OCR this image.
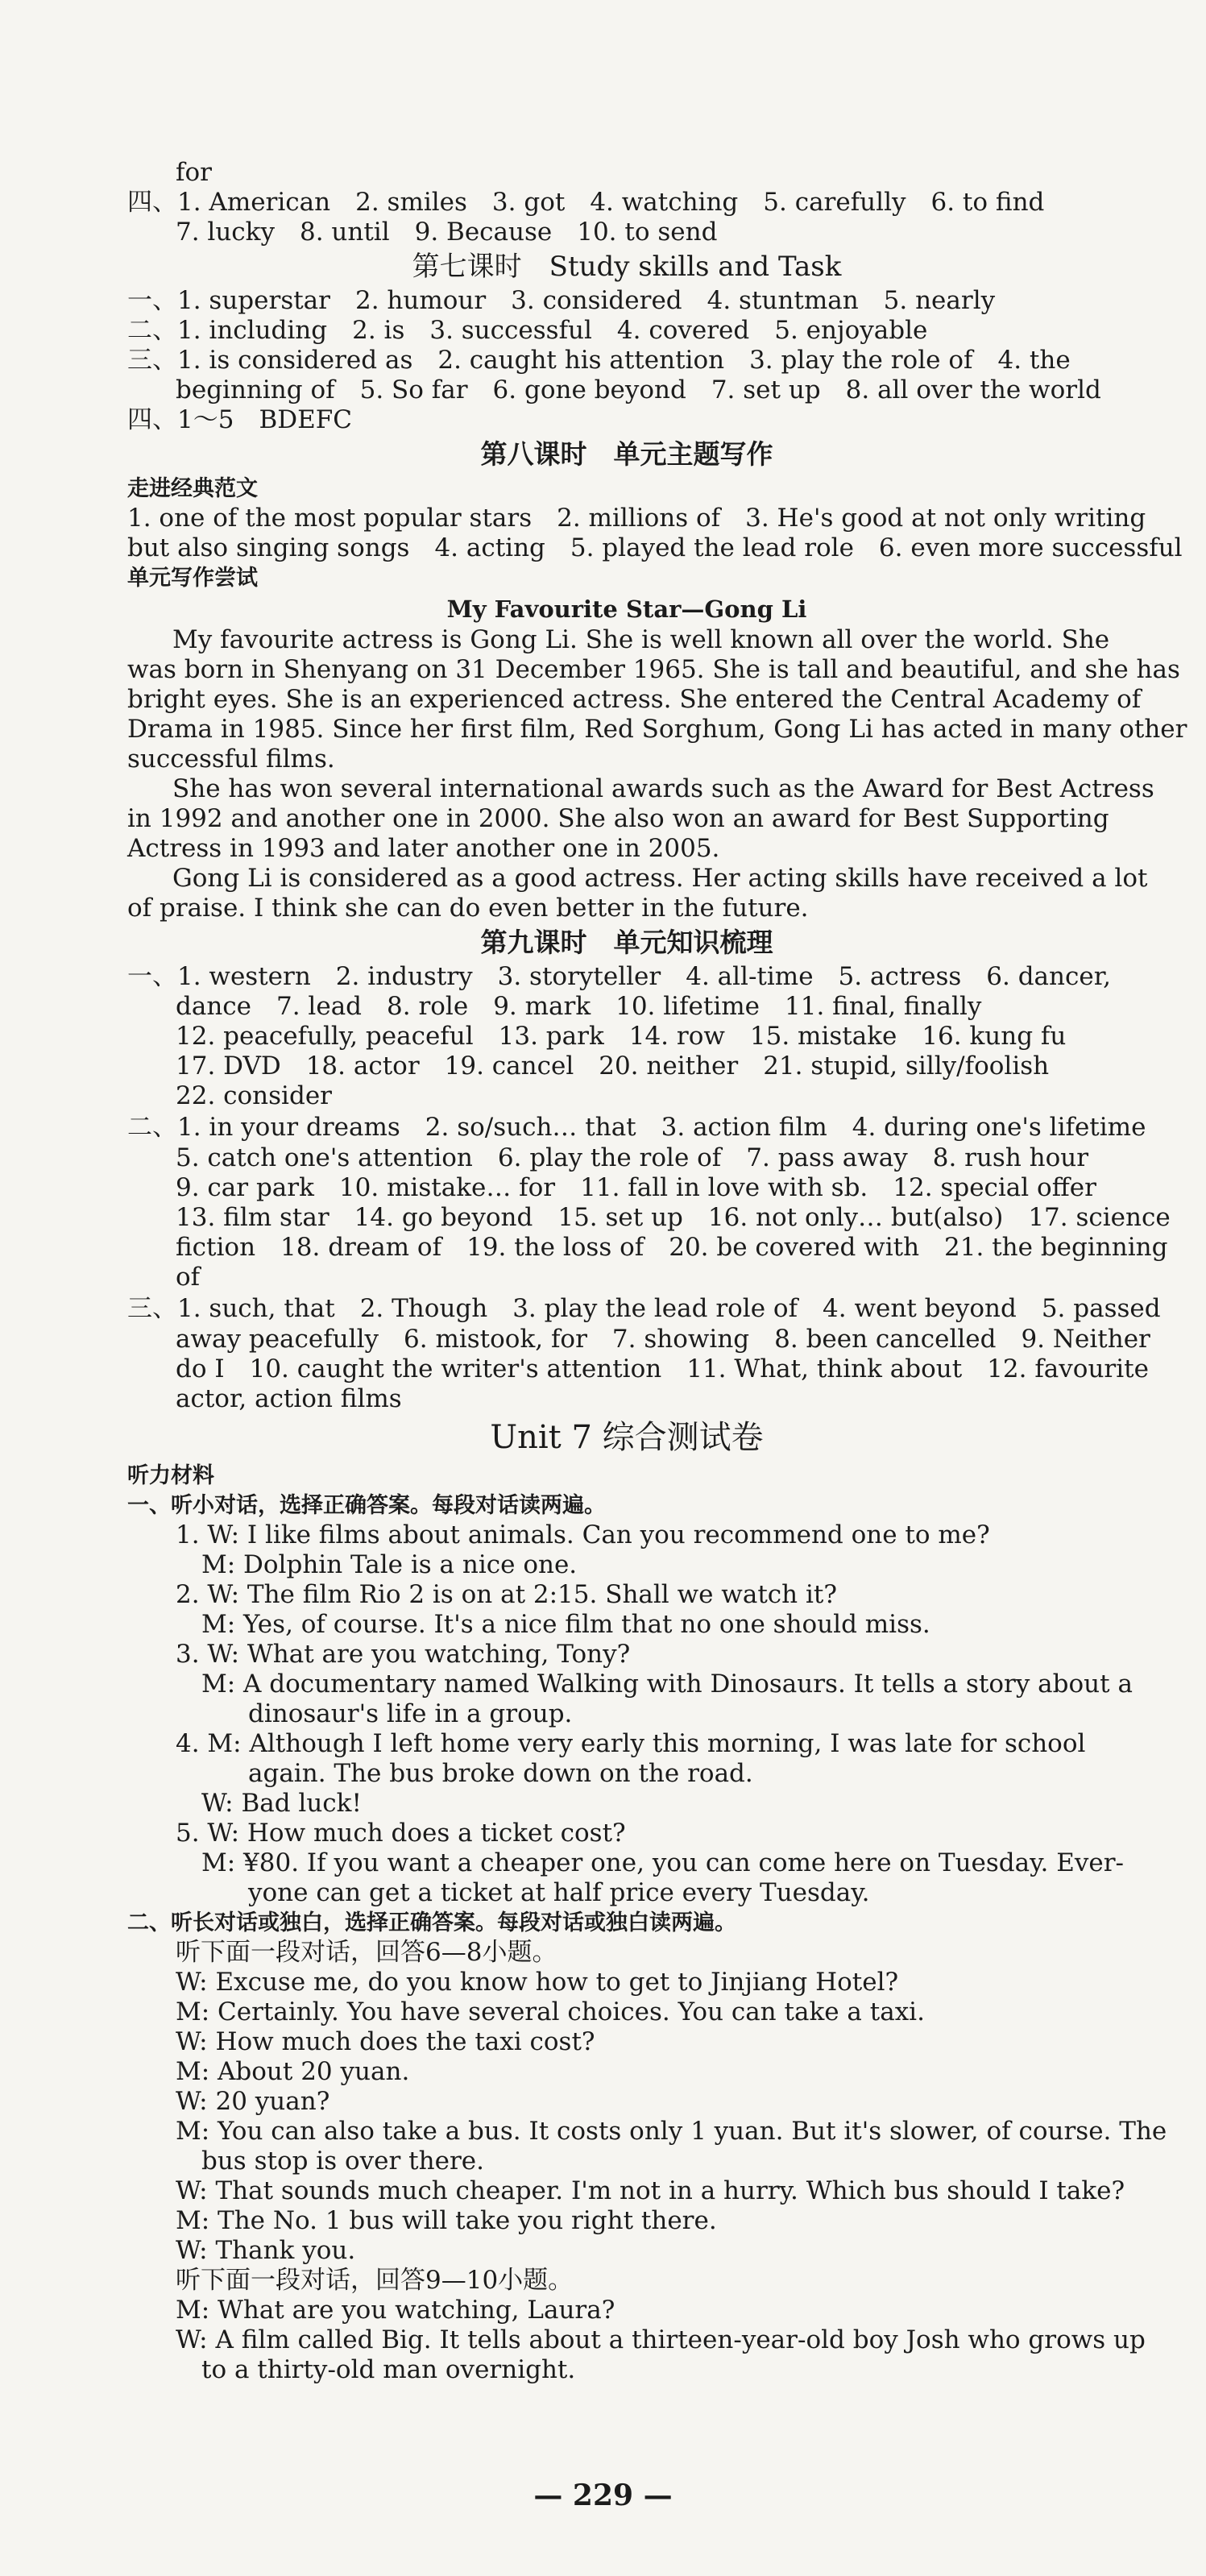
for
四、1. American　2. smiles　3. got　4. watching　5. carefully　6. to find
7. lucky　8. until　9. Because　10. to send
第七课时　Study skills and Task
一、1. superstar　2. humour　3. considered　4. stuntman　5. nearly
二、1. including　2. is　3. successful　4. covered　5. enjoyable
三、1. is considered as　2. caught his attention　3. play the role of　4. the
beginning of　5. So far　6. gone beyond　7. set up　8. all over the world
四、1～5　BDEFC
第八课时　单元主题写作
走进经典范文
1. one of the most popular stars　2. millions of　3. He's good at not only writing
but also singing songs　4. acting　5. played the lead role　6. even more successful
单元写作尝试
My Favourite Star—Gong Li
My favourite actress is Gong Li. She is well known all over the world. She
was born in Shenyang on 31 December 1965. She is tall and beautiful, and she has
bright eyes. She is an experienced actress. She entered the Central Academy of
Drama in 1985. Since her first film, Red Sorghum, Gong Li has acted in many other
successful films.
She has won several international awards such as the Award for Best Actress
in 1992 and another one in 2000. She also won an award for Best Supporting
Actress in 1993 and later another one in 2005.
Gong Li is considered as a good actress. Her acting skills have received a lot
of praise. I think she can do even better in the future.
第九课时　单元知识梳理
一、1. western　2. industry　3. storyteller　4. all-time　5. actress　6. dancer,
dance　7. lead　8. role　9. mark　10. lifetime　11. final, finally
12. peacefully, peaceful　13. park　14. row　15. mistake　16. kung fu
17. DVD　18. actor　19. cancel　20. neither　21. stupid, silly/foolish
22. consider
二、1. in your dreams　2. so/such… that　3. action film　4. during one's lifetime
5. catch one's attention　6. play the role of　7. pass away　8. rush hour
9. car park　10. mistake… for　11. fall in love with sb.　12. special offer
13. film star　14. go beyond　15. set up　16. not only… but(also)　17. science
fiction　18. dream of　19. the loss of　20. be covered with　21. the beginning
of
三、1. such, that　2. Though　3. play the lead role of　4. went beyond　5. passed
away peacefully　6. mistook, for　7. showing　8. been cancelled　9. Neither
do I　10. caught the writer's attention　11. What, think about　12. favourite
actor, action films
Unit 7 综合测试卷
听力材料
一、听小对话，选择正确答案。每段对话读两遍。
1. W: I like films about animals. Can you recommend one to me?
M: Dolphin Tale is a nice one.
2. W: The film Rio 2 is on at 2:15. Shall we watch it?
M: Yes, of course. It's a nice film that no one should miss.
3. W: What are you watching, Tony?
M: A documentary named Walking with Dinosaurs. It tells a story about a
dinosaur's life in a group.
4. M: Although I left home very early this morning, I was late for school
again. The bus broke down on the road.
W: Bad luck!
5. W: How much does a ticket cost?
M: ¥80. If you want a cheaper one, you can come here on Tuesday. Ever-
yone can get a ticket at half price every Tuesday.
二、听长对话或独白，选择正确答案。每段对话或独白读两遍。
听下面一段对话，回答6—8小题。
W: Excuse me, do you know how to get to Jinjiang Hotel?
M: Certainly. You have several choices. You can take a taxi.
W: How much does the taxi cost?
M: About 20 yuan.
W: 20 yuan?
M: You can also take a bus. It costs only 1 yuan. But it's slower, of course. The
bus stop is over there.
W: That sounds much cheaper. I'm not in a hurry. Which bus should I take?
M: The No. 1 bus will take you right there.
W: Thank you.
听下面一段对话，回答9—10小题。
M: What are you watching, Laura?
W: A film called Big. It tells about a thirteen-year-old boy Josh who grows up
to a thirty-old man overnight.
— 229 —
